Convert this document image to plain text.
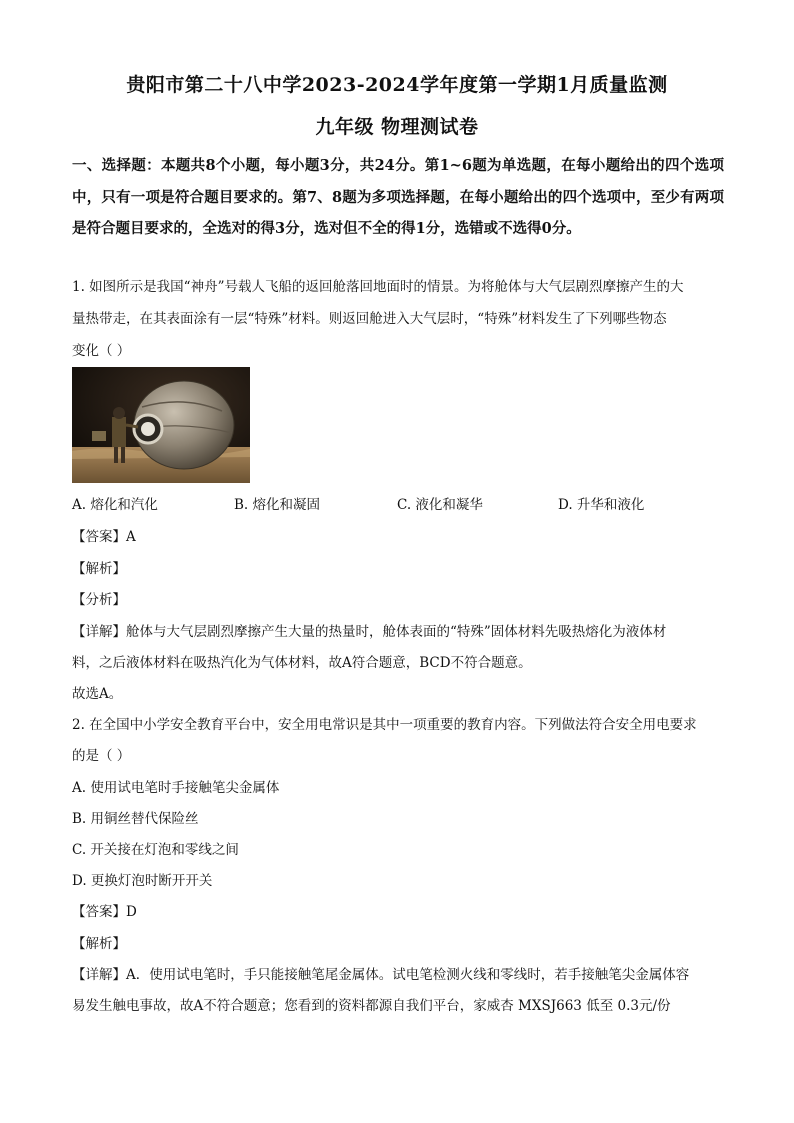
贵阳市第二十八中学2023-2024学年度第一学期1月质量监测
九年级 物理测试卷
一、选择题：本题共8个小题，每小题3分，共24分。第1~6题为单选题，在每小题给出的四个选项中，只有一项是符合题目要求的。第7、8题为多项选择题，在每小题给出的四个选项中，至少有两项是符合题目要求的，全选对的得3分，选对但不全的得1分，选错或不选得0分。
1. 如图所示是我国“神舟”号载人飞船的返回舱落回地面时的情景。为将舱体与大气层剧烈摩擦产生的大
量热带走，在其表面涂有一层“特殊”材料。则返回舱进入大气层时，“特殊”材料发生了下列哪些物态
变化（ ）
A. 熔化和汽化	B. 熔化和凝固	C. 液化和凝华	D. 升华和液化
【答案】A
【解析】
【分析】
【详解】舱体与大气层剧烈摩擦产生大量的热量时，舱体表面的“特殊”固体材料先吸热熔化为液体材
料，之后液体材料在吸热汽化为气体材料，故A符合题意，BCD不符合题意。
故选A。
2. 在全国中小学安全教育平台中，安全用电常识是其中一项重要的教育内容。下列做法符合安全用电要求
的是（ ）
A. 使用试电笔时手接触笔尖金属体
B. 用铜丝替代保险丝
C. 开关接在灯泡和零线之间
D. 更换灯泡时断开开关
【答案】D
【解析】
【详解】A．使用试电笔时，手只能接触笔尾金属体。试电笔检测火线和零线时，若手接触笔尖金属体容
易发生触电事故，故A不符合题意；您看到的资料都源自我们平台，家威杏 MXSJ663 低至 0.3元/份
